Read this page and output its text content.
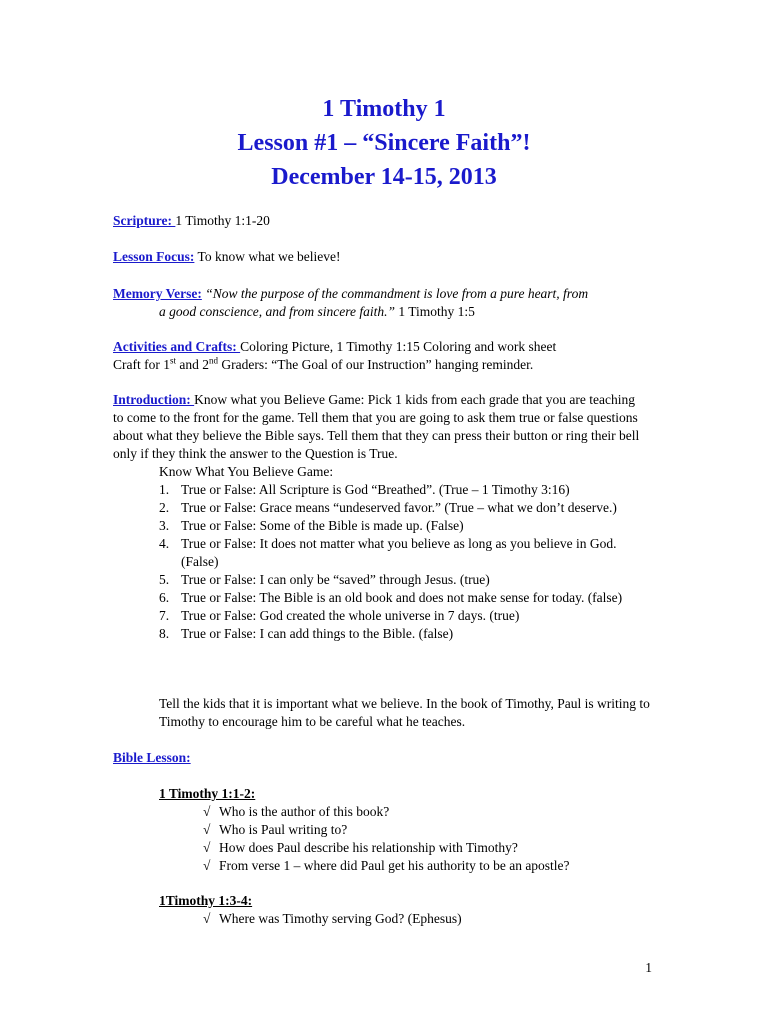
1 Timothy 1
Lesson #1 – “Sincere Faith”!
December 14-15, 2013
Scripture: 1 Timothy 1:1-20
Lesson Focus: To know what we believe!
Memory Verse: “Now the purpose of the commandment is love from a pure heart, from
a good conscience, and from sincere faith.” 1 Timothy 1:5
Activities and Crafts: Coloring Picture, 1 Timothy 1:15 Coloring and work sheet
Craft for 1st and 2nd Graders: “The Goal of our Instruction” hanging reminder.
Introduction: Know what you Believe Game: Pick 1 kids from each grade that you are teaching to come to the front for the game. Tell them that you are going to ask them true or false questions about what they believe the Bible says. Tell them that they can press their button or ring their bell only if they think the answer to the Question is True.
Know What You Believe Game:
1. True or False: All Scripture is God “Breathed”. (True – 1 Timothy 3:16)
2. True or False: Grace means “undeserved favor.” (True – what we don’t deserve.)
3. True or False: Some of the Bible is made up. (False)
4. True or False: It does not matter what you believe as long as you believe in God. (False)
5. True or False: I can only be “saved” through Jesus. (true)
6. True or False: The Bible is an old book and does not make sense for today. (false)
7. True or False: God created the whole universe in 7 days. (true)
8. True or False: I can add things to the Bible. (false)
Tell the kids that it is important what we believe. In the book of Timothy, Paul is writing to Timothy to encourage him to be careful what he teaches.
Bible Lesson:
1 Timothy 1:1-2:
√ Who is the author of this book?
√ Who is Paul writing to?
√ How does Paul describe his relationship with Timothy?
√ From verse 1 – where did Paul get his authority to be an apostle?
1Timothy 1:3-4:
√ Where was Timothy serving God? (Ephesus)
1
